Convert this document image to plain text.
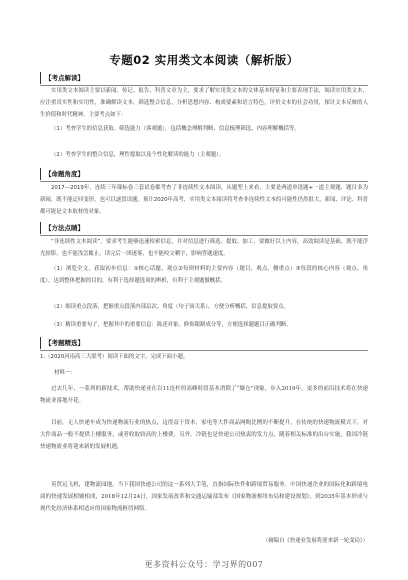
专题02 实用类文本阅读（解析版）
【考点解读】

实用类文本阅读主要以新闻、传记、报告、科普文章为主，要求了解实用类文本的文体基本特征和主要表现手法，阅读实用类文本，应注重真实性和实用性，准确解读文本，筛选整合信息，分析思想内容、构成要素和语言特色，评价文本的社会功用，探讨文本反映的人生价值和时代精神。主要考点如下：

（1）考查学生的信息获取、筛选能力（客观题），包括概念理解判断、信息梳理筛选、内容理解概括等。

（2）考查学生的整合信息，理性提取以及个性化解读的能力（主观题）。

【命题角度】

2017—2019年，连续三年课标卷三套试卷都考查了非连续性文本阅读，从题型上来看，主要是两道单选题+一道主观题，题目多为新闻，既不能迂回变形，也可以逐段设题。预计2020年高考，实用类文本阅读将考查非连续性文本的可能性仍然很大，新闻、评论、科普都可能是文本取材的对象。

【方法点睛】

“非连续性文本阅读”，要求考生能够迅速检索信息，并对信息进行筛选、提取、加工，要做好以上内容，高效阅读是基础，既不能浮光掠影，也不能浅尝辄止，读完后一团迷雾，也不能咬文嚼字，影响答题速度。

（1）浏览全文，获取初步信息：①核心话题、观点②每则材料的主要内容（题目、观点、侧重点）③每段的核心内容（观点、角度），达到整体把握的目的，有利于选择题选项的辨析，有利于主观题做概括。

（2）细读重点段落，把握重点段落内部层次、角度（句子间关系），方便分析概括、信息提取要点。

（3）精读重要句子，把握其中的重要信息：陈述对象、修饰限制成分等，方便选择题题目正确判断。

【考题精选】

1.（2020河南高三大联考）阅读下面的文字，完成下面小题。

材料一：

过去几年，一系列的新技术，帮助快递业在以11连杆的高峰时段基本消除了“爆仓”现象，步入2019年，更多的前沿技术将在快递物流业落地开花。

目前，无人快递车成为快递物流行业的热点，这得益于资本，家电等大件商品网购比例的不断提升，在传统的快递物流模式下，对大件商品一般不提供上楼服务，或者收取较高的上楼费，另外，冷链也是快递公司热衷的发力点，随着相关标准的出台实施，我国冷链快递物流业将迎来新的发展机遇。

英贸远飞机，建物流园地，当下我国快递公司的这一系列大手笔，直指国际快件和跨境贸易服务。中国快递企业的国际化和跨境电商的快速发展相辅相成，2018年12月24日，国家发展改革和交通运输部发布《国家物流枢纽布局和建设规划》，到2035年基本形成与现代化经济体系相适应的国家物流枢纽网络。

（摘编自《快递业发展将迎来新一轮变局》）
更多资料公众号：学习界的007
